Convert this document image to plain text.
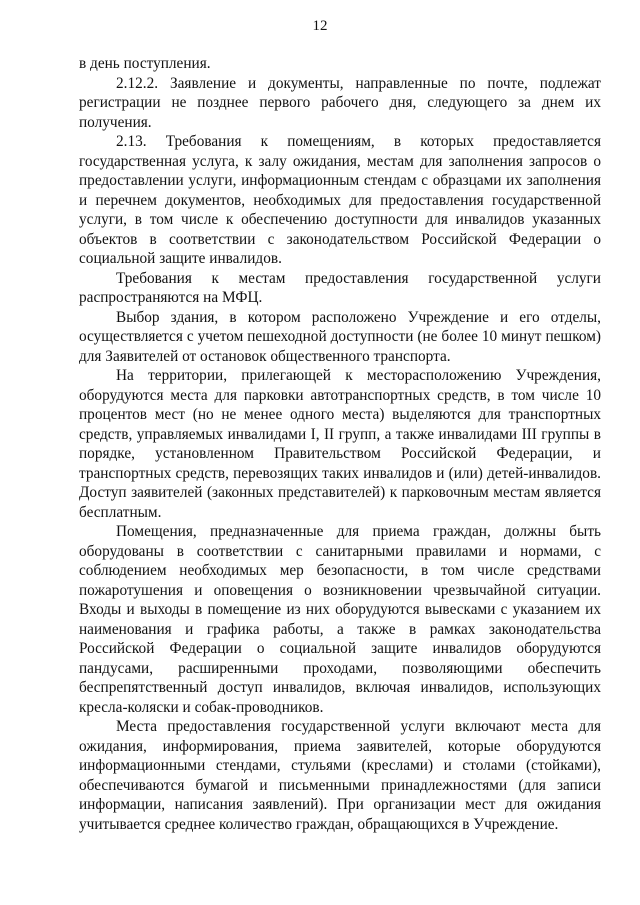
12

в день поступления.

2.12.2. Заявление и документы, направленные по почте, подлежат регистрации не позднее первого рабочего дня, следующего за днем их получения.

2.13. Требования к помещениям, в которых предоставляется государственная услуга, к залу ожидания, местам для заполнения запросов о предоставлении услуги, информационным стендам с образцами их заполнения и перечнем документов, необходимых для предоставления государственной услуги, в том числе к обеспечению доступности для инвалидов указанных объектов в соответствии с законодательством Российской Федерации о социальной защите инвалидов.

Требования к местам предоставления государственной услуги распространяются на МФЦ.

Выбор здания, в котором расположено Учреждение и его отделы, осуществляется с учетом пешеходной доступности (не более 10 минут пешком) для Заявителей от остановок общественного транспорта.

На территории, прилегающей к месторасположению Учреждения, оборудуются места для парковки автотранспортных средств, в том числе 10 процентов мест (но не менее одного места) выделяются для транспортных средств, управляемых инвалидами I, II групп, а также инвалидами III группы в порядке, установленном Правительством Российской Федерации, и транспортных средств, перевозящих таких инвалидов и (или) детей-инвалидов. Доступ заявителей (законных представителей) к парковочным местам является бесплатным.

Помещения, предназначенные для приема граждан, должны быть оборудованы в соответствии с санитарными правилами и нормами, с соблюдением необходимых мер безопасности, в том числе средствами пожаротушения и оповещения о возникновении чрезвычайной ситуации. Входы и выходы в помещение из них оборудуются вывесками с указанием их наименования и графика работы, а также в рамках законодательства Российской Федерации о социальной защите инвалидов оборудуются пандусами, расширенными проходами, позволяющими обеспечить беспрепятственный доступ инвалидов, включая инвалидов, использующих кресла-коляски и собак-проводников.

Места предоставления государственной услуги включают места для ожидания, информирования, приема заявителей, которые оборудуются информационными стендами, стульями (креслами) и столами (стойками), обеспечиваются бумагой и письменными принадлежностями (для записи информации, написания заявлений). При организации мест для ожидания учитывается среднее количество граждан, обращающихся в Учреждение.
